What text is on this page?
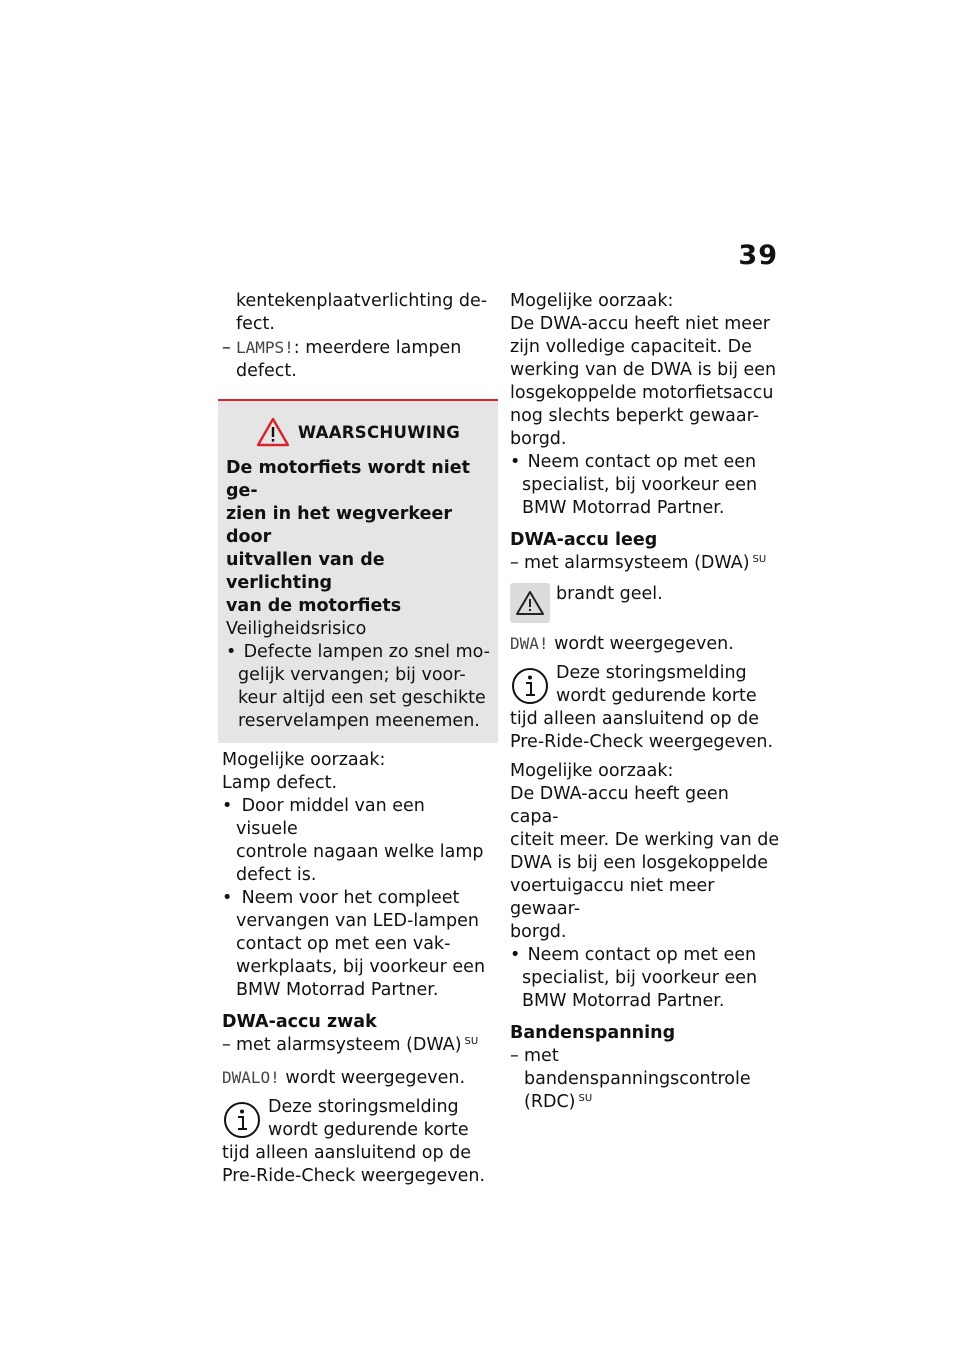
39

kentekenplaatverlichting de-
fect.

– LAMPS!: meerdere lampen
defect.

WAARSCHUWING

De motorfiets wordt niet ge-
zien in het wegverkeer door
uitvallen van de verlichting
van de motorfiets

Veiligheidsrisico

• Defecte lampen zo snel mo-
gelijk vervangen; bij voor-
keur altijd een set geschikte
reservelampen meenemen.

Mogelijke oorzaak:

Lamp defect.

• Door middel van een visuele
controle nagaan welke lamp
defect is.

• Neem voor het compleet
vervangen van LED-lampen
contact op met een vak-
werkplaats, bij voorkeur een
BMW Motorrad Partner.

DWA-accu zwak

– met alarmsysteem (DWA) $^{SU}$

DWALO! wordt weergegeven.

Deze storingsmelding
wordt gedurende korte
tijd alleen aansluitend op de
Pre-Ride-Check weergegeven.

Mogelijke oorzaak:

De DWA-accu heeft niet meer
zijn volledige capaciteit. De
werking van de DWA is bij een
losgekoppelde motorfietsaccu
nog slechts beperkt gewaar-
borgd.

• Neem contact op met een
specialist, bij voorkeur een
BMW Motorrad Partner.

DWA-accu leeg

– met alarmsysteem (DWA) $^{SU}$

brandt geel.

DWA! wordt weergegeven.

Deze storingsmelding
wordt gedurende korte
tijd alleen aansluitend op de
Pre-Ride-Check weergegeven.

Mogelijke oorzaak:

De DWA-accu heeft geen capa-
citeit meer. De werking van de
DWA is bij een losgekoppelde
voertuigaccu niet meer gewaar-
borgd.

• Neem contact op met een
specialist, bij voorkeur een
BMW Motorrad Partner.

Bandenspanning

– met bandenspanningscontrole
(RDC) $^{SU}$
